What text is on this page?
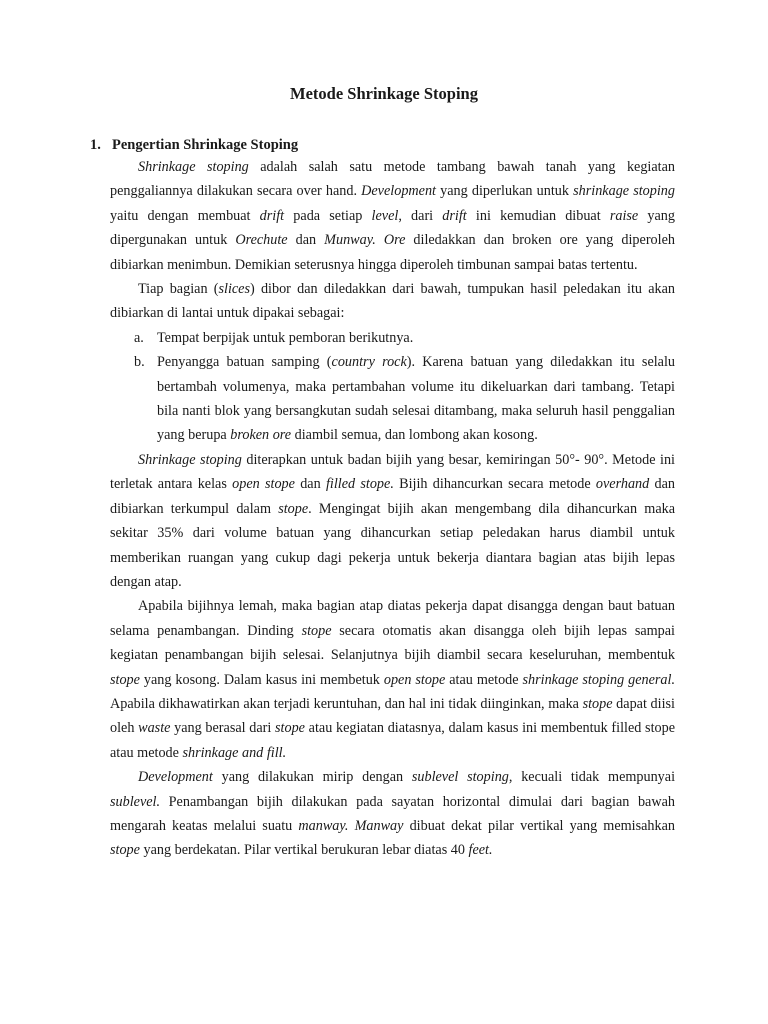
Metode Shrinkage Stoping
1. Pengertian Shrinkage Stoping

Shrinkage stoping adalah salah satu metode tambang bawah tanah yang kegiatan penggaliannya dilakukan secara over hand. Development yang diperlukan untuk shrinkage stoping yaitu dengan membuat drift pada setiap level, dari drift ini kemudian dibuat raise yang dipergunakan untuk Orechute dan Munway. Ore diledakkan dan broken ore yang diperoleh dibiarkan menimbun. Demikian seterusnya hingga diperoleh timbunan sampai batas tertentu.

Tiap bagian (slices) dibor dan diledakkan dari bawah, tumpukan hasil peledakan itu akan dibiarkan di lantai untuk dipakai sebagai:

a. Tempat berpijak untuk pemboran berikutnya.
b. Penyangga batuan samping (country rock). Karena batuan yang diledakkan itu selalu bertambah volumenya, maka pertambahan volume itu dikeluarkan dari tambang. Tetapi bila nanti blok yang bersangkutan sudah selesai ditambang, maka seluruh hasil penggalian yang berupa broken ore diambil semua, dan lombong akan kosong.

Shrinkage stoping diterapkan untuk badan bijih yang besar, kemiringan 50°- 90°. Metode ini terletak antara kelas open stope dan filled stope. Bijih dihancurkan secara metode overhand dan dibiarkan terkumpul dalam stope. Mengingat bijih akan mengembang dila dihancurkan maka sekitar 35% dari volume batuan yang dihancurkan setiap peledakan harus diambil untuk memberikan ruangan yang cukup dagi pekerja untuk bekerja diantara bagian atas bijih lepas dengan atap.

Apabila bijihnya lemah, maka bagian atap diatas pekerja dapat disangga dengan baut batuan selama penambangan. Dinding stope secara otomatis akan disangga oleh bijih lepas sampai kegiatan penambangan bijih selesai. Selanjutnya bijih diambil secara keseluruhan, membentuk stope yang kosong. Dalam kasus ini membetuk open stope atau metode shrinkage stoping general. Apabila dikhawatirkan akan terjadi keruntuhan, dan hal ini tidak diinginkan, maka stope dapat diisi oleh waste yang berasal dari stope atau kegiatan diatasnya, dalam kasus ini membentuk filled stope atau metode shrinkage and fill.

Development yang dilakukan mirip dengan sublevel stoping, kecuali tidak mempunyai sublevel. Penambangan bijih dilakukan pada sayatan horizontal dimulai dari bagian bawah mengarah keatas melalui suatu manway. Manway dibuat dekat pilar vertikal yang memisahkan stope yang berdekatan. Pilar vertikal berukuran lebar diatas 40 feet.
